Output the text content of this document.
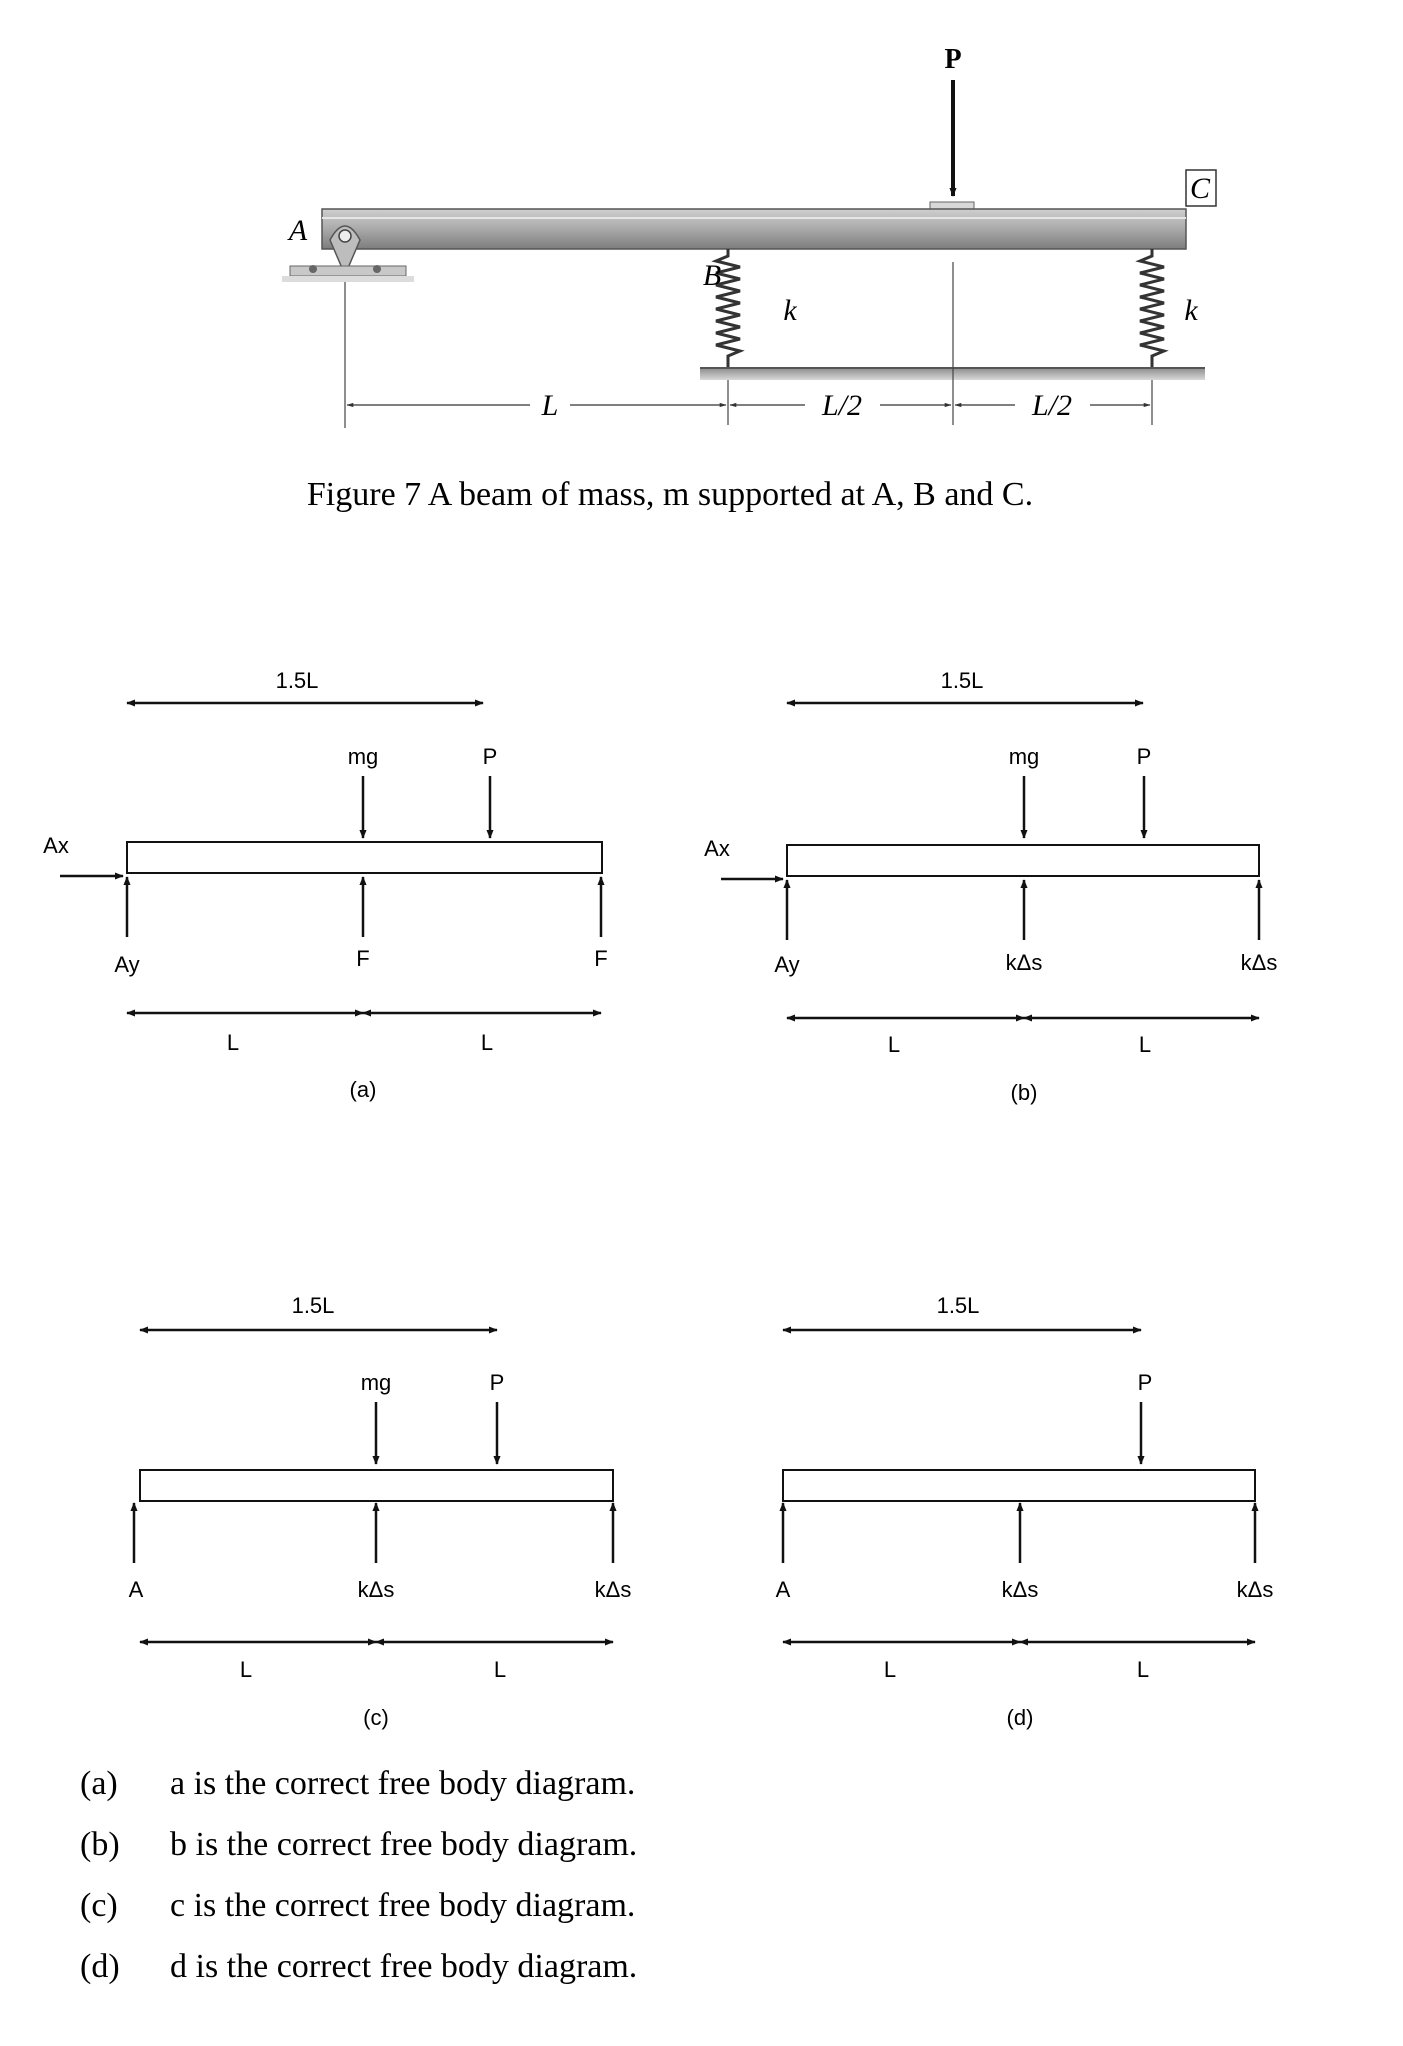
P
A
B
k
C
k
L	L/2	L/2
Figure 7 A beam of mass, m supported at A, B and C.
1.5L
mg	P
Ax
Ay	F	F
L	L
(a)
1.5L
mg	P
Ax
Ay	kΔs	kΔs
L	L
(b)
1.5L
mg	P
A	kΔs	kΔs
L	L
(c)
1.5L
P
A	kΔs	kΔs
L	L
(d)
(a) a is the correct free body diagram.
(b) b is the correct free body diagram.
(c) c is the correct free body diagram.
(d) d is the correct free body diagram.
